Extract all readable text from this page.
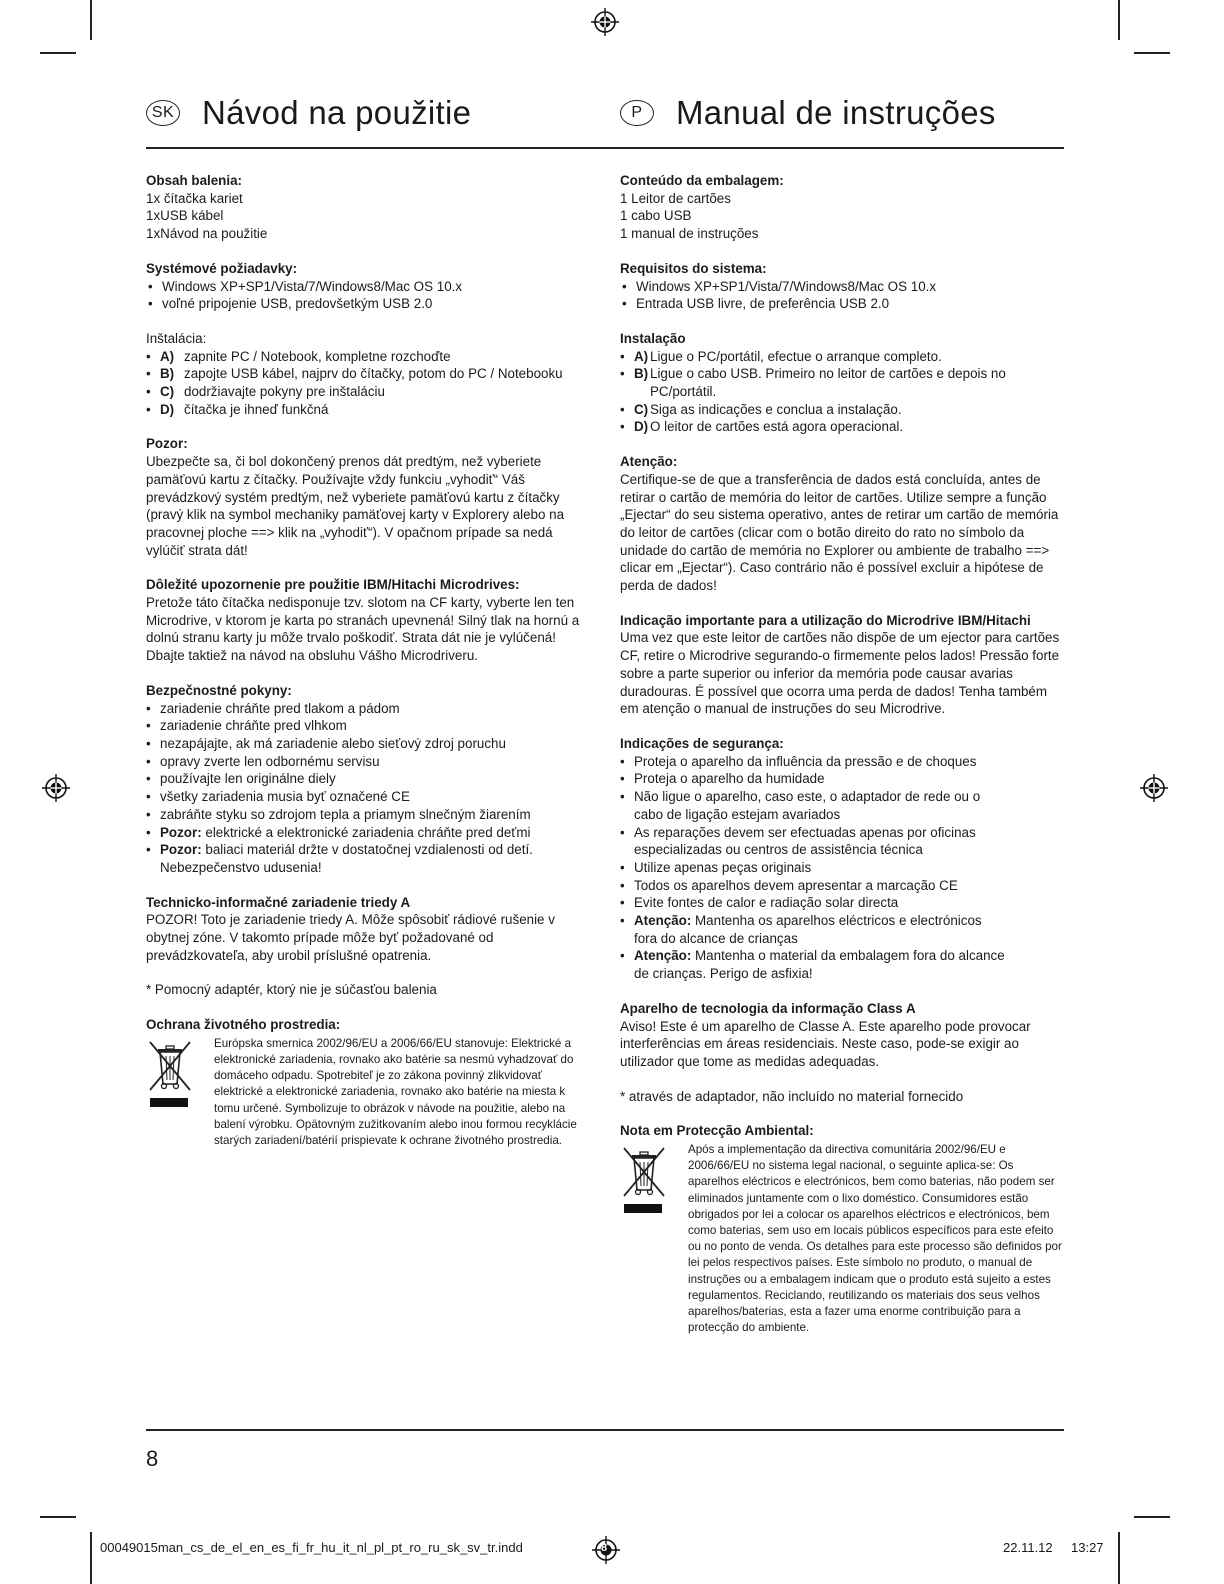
SK Návod na použitie	P	Manual de instruções
Obsah balenia:

1x čítačka kariet

1xUSB kábel

1xNávod na použitie

Systémové požiadavky:
• Windows XP+SP1/Vista/7/Windows8/Mac OS 10.x
• voľné pripojenie USB, predovšetkým USB 2.0
Inštalácia:
• A) zapnite PC / Notebook, kompletne rozchoďte
• B) zapojte USB kábel, najprv do čítačky, potom do PC / Notebooku
• C) dodržiavajte pokyny pre inštaláciu
• D) čítačka je ihneď funkčná
Pozor:

Ubezpečte sa, či bol dokončený prenos dát predtým, než vyberiete pamäťovú kartu z čítačky. Používajte vždy funkciu „vyhodiť“ Váš prevádzkový systém predtým, než vyberiete pamäťovú kartu z čítačky (pravý klik na symbol mechaniky pamäťovej karty v Explorery alebo na pracovnej ploche ==> klik na „vyhodiť“). V opačnom prípade sa nedá vylúčiť strata dát!

Dôležité upozornenie pre použitie IBM/Hitachi Microdrives:

Pretože táto čítačka nedisponuje tzv. slotom na CF karty, vyberte len ten Microdrive, v ktorom je karta po stranách upevnená! Silný tlak na hornú a dolnú stranu karty ju môže trvalo poškodiť. Strata dát nie je vylúčená! Dbajte taktiež na návod na obsluhu Vášho Microdriveru.

Bezpečnostné pokyny:
• zariadenie chráňte pred tlakom a pádom
• zariadenie chráňte pred vlhkom
• nezapájajte, ak má zariadenie alebo sieťový zdroj poruchu
• opravy zverte len odbornému servisu
• používajte len originálne diely
• všetky zariadenia musia byť označené CE
• zabráňte styku so zdrojom tepla a priamym slnečným žiarením
• Pozor: elektrické a elektronické zariadenia chráňte pred deťmi
• Pozor: baliaci materiál držte v dostatočnej vzdialenosti od detí. Nebezpečenstvo udusenia!
Technicko-informačné zariadenie triedy A

POZOR! Toto je zariadenie triedy A. Môže spôsobiť rádiové rušenie v obytnej zóne. V takomto prípade môže byť požadované od prevádzkovateľa, aby urobil príslušné opatrenia.

* Pomocný adaptér, ktorý nie je súčasťou balenia

Ochrana životného prostredia:
Európska smernica 2002/96/EU a 2006/66/EU stanovuje: Elektrické a elektronické zariadenia, rovnako ako batérie sa nesmú vyhadzovať do domáceho odpadu. Spotrebiteľ je zo zákona povinný zlikvidovať elektrické a elektronické zariadenia, rovnako ako batérie na miesta k tomu určené. Symbolizuje to obrázok v návode na použitie, alebo na balení výrobku. Opätovným zužitkovaním alebo inou formou recyklácie starých zariadení/batérií prispievate k ochrane životného prostredia.
Conteúdo da embalagem:

1 Leitor de cartões

1 cabo USB

1 manual de instruções

Requisitos do sistema:
• Windows XP+SP1/Vista/7/Windows8/Mac OS 10.x
• Entrada USB livre, de preferência USB 2.0
Instalação
• A) Ligue o PC/portátil, efectue o arranque completo.
• B) Ligue o cabo USB. Primeiro no leitor de cartões e depois no PC/portátil.
• C) Siga as indicações e conclua a instalação.
• D) O leitor de cartões está agora operacional.
Atenção:

Certifique-se de que a transferência de dados está concluída, antes de retirar o cartão de memória do leitor de cartões. Utilize sempre a função „Ejectar“ do seu sistema operativo, antes de retirar um cartão de memória do leitor de cartões (clicar com o botão direito do rato no símbolo da unidade do cartão de memória no Explorer ou ambiente de trabalho ==> clicar em „Ejectar“). Caso contrário não é possível excluir a hipótese de perda de dados!

Indicação importante para a utilização do Microdrive IBM/Hitachi

Uma vez que este leitor de cartões não dispõe de um ejector para cartões CF, retire o Microdrive segurando-o firmemente pelos lados! Pressão forte sobre a parte superior ou inferior da memória pode causar avarias duradouras. É possível que ocorra uma perda de dados! Tenha também em atenção o manual de instruções do seu Microdrive.

Indicações de segurança:
• Proteja o aparelho da influência da pressão e de choques
• Proteja o aparelho da humidade
• Não ligue o aparelho, caso este, o adaptador de rede ou o cabo de ligação estejam avariados
• As reparações devem ser efectuadas apenas por oficinas especializadas ou centros de assistência técnica
• Utilize apenas peças originais
• Todos os aparelhos devem apresentar a marcação CE
• Evite fontes de calor e radiação solar directa
• Atenção: Mantenha os aparelhos eléctricos e electrónicos fora do alcance de crianças
• Atenção: Mantenha o material da embalagem fora do alcance de crianças. Perigo de asfixia!
Aparelho de tecnologia da informação Class A

Aviso! Este é um aparelho de Classe A. Este aparelho pode provocar interferências em áreas residenciais. Neste caso, pode-se exigir ao utilizador que tome as medidas adequadas.

* através de adaptador, não incluído no material fornecido

Nota em Protecção Ambiental:
Após a implementação da directiva comunitária 2002/96/EU e 2006/66/EU no sistema legal nacional, o seguinte aplica-se: Os aparelhos eléctricos e electrónicos, bem como baterias, não podem ser eliminados juntamente com o lixo doméstico. Consumidores estão obrigados por lei a colocar os aparelhos eléctricos e electrónicos, bem como baterias, sem uso em locais públicos específicos para este efeito ou no ponto de venda. Os detalhes para este processo são definidos por lei pelos respectivos países. Este símbolo no produto, o manual de instruções ou a embalagem indicam que o produto está sujeito a estes regulamentos. Reciclando, reutilizando os materiais dos seus velhos aparelhos/baterias, esta a fazer uma enorme contribuição para a protecção do ambiente.
8
00049015man_cs_de_el_en_es_fi_fr_hu_it_nl_pl_pt_ro_ru_sk_sv_tr.indd	8	22.11.12 13:27
